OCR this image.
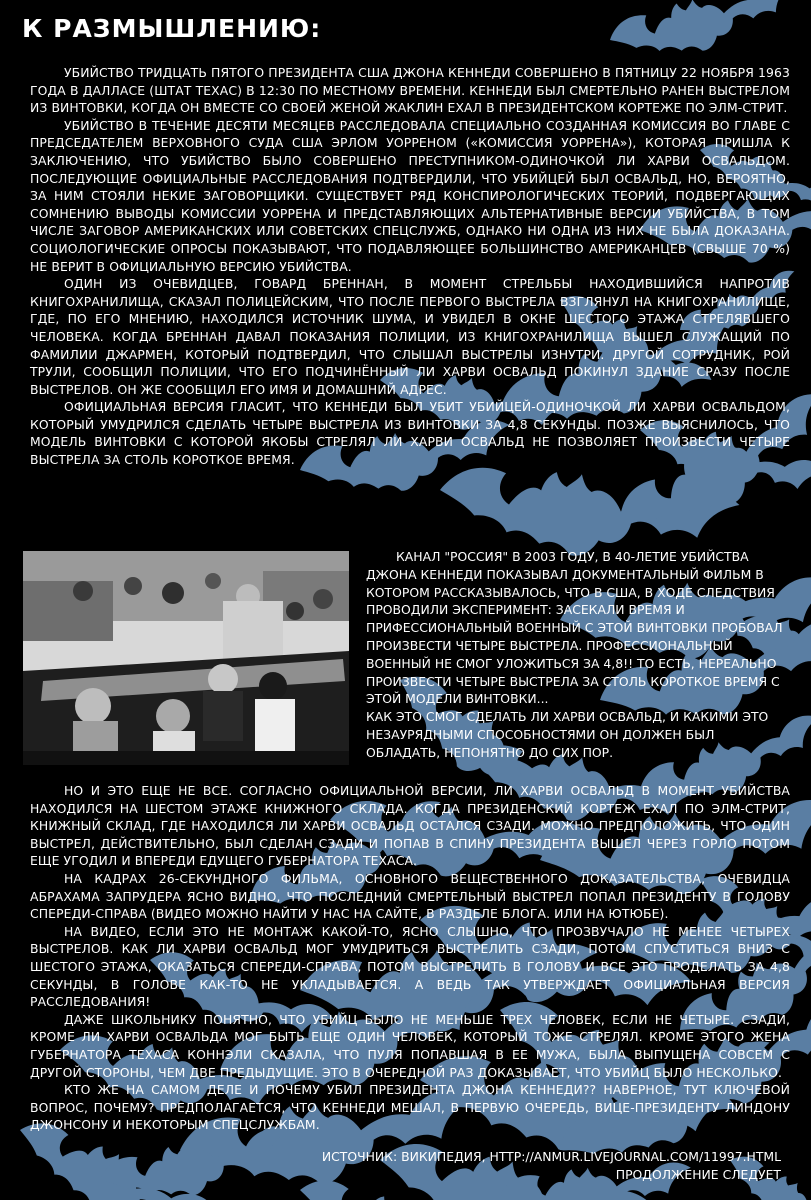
К РАЗМЫШЛЕНИЮ:

УБИЙСТВО ТРИДЦАТЬ ПЯТОГО ПРЕЗИДЕНТА США ДЖОНА КЕННЕДИ СОВЕРШЕНО В ПЯТНИЦУ 22 НОЯБРЯ 1963 ГОДА В ДАЛЛАСЕ (ШТАТ ТЕХАС) В 12:30 ПО МЕСТНОМУ ВРЕМЕНИ. КЕННЕДИ БЫЛ СМЕРТЕЛЬНО РАНЕН ВЫСТРЕЛОМ ИЗ ВИНТОВКИ, КОГДА ОН ВМЕСТЕ СО СВОЕЙ ЖЕНОЙ ЖАКЛИН ЕХАЛ В ПРЕЗИДЕНТСКОМ КОРТЕЖЕ ПО ЭЛМ-СТРИТ.

УБИЙСТВО В ТЕЧЕНИЕ ДЕСЯТИ МЕСЯЦЕВ РАССЛЕДОВАЛА СПЕЦИАЛЬНО СОЗДАННАЯ КОМИССИЯ ВО ГЛАВЕ С ПРЕДСЕДАТЕЛЕМ ВЕРХОВНОГО СУДА США ЭРЛОМ УОРРЕНОМ («КОМИССИЯ УОРРЕНА»), КОТОРАЯ ПРИШЛА К ЗАКЛЮЧЕНИЮ, ЧТО УБИЙСТВО БЫЛО СОВЕРШЕНО ПРЕСТУПНИКОМ-ОДИНОЧКОЙ ЛИ ХАРВИ ОСВАЛЬДОМ. ПОСЛЕДУЮЩИЕ ОФИЦИАЛЬНЫЕ РАССЛЕДОВАНИЯ ПОДТВЕРДИЛИ, ЧТО УБИЙЦЕЙ БЫЛ ОСВАЛЬД, НО, ВЕРОЯТНО, ЗА НИМ СТОЯЛИ НЕКИЕ ЗАГОВОРЩИКИ. СУЩЕСТВУЕТ РЯД КОНСПИРОЛОГИЧЕСКИХ ТЕОРИЙ, ПОДВЕРГАЮЩИХ СОМНЕНИЮ ВЫВОДЫ КОМИССИИ УОРРЕНА И ПРЕДСТАВЛЯЮЩИХ АЛЬТЕРНАТИВНЫЕ ВЕРСИИ УБИЙСТВА, В ТОМ ЧИСЛЕ ЗАГОВОР АМЕРИКАНСКИХ ИЛИ СОВЕТСКИХ СПЕЦСЛУЖБ, ОДНАКО НИ ОДНА ИЗ НИХ НЕ БЫЛА ДОКАЗАНА. СОЦИОЛОГИЧЕСКИЕ ОПРОСЫ ПОКАЗЫВАЮТ, ЧТО ПОДАВЛЯЮЩЕЕ БОЛЬШИНСТВО АМЕРИКАНЦЕВ (СВЫШЕ 70 %) НЕ ВЕРИТ В ОФИЦИАЛЬНУЮ ВЕРСИЮ УБИЙСТВА.

ОДИН ИЗ ОЧЕВИДЦЕВ, ГОВАРД БРЕННАН, В МОМЕНТ СТРЕЛЬБЫ НАХОДИВШИЙСЯ НАПРОТИВ КНИГОХРАНИЛИЩА, СКАЗАЛ ПОЛИЦЕЙСКИМ, ЧТО ПОСЛЕ ПЕРВОГО ВЫСТРЕЛА ВЗГЛЯНУЛ НА КНИГОХРАНИЛИЩЕ, ГДЕ, ПО ЕГО МНЕНИЮ, НАХОДИЛСЯ ИСТОЧНИК ШУМА, И УВИДЕЛ В ОКНЕ ШЕСТОГО ЭТАЖА СТРЕЛЯВШЕГО ЧЕЛОВЕКА. КОГДА БРЕННАН ДАВАЛ ПОКАЗАНИЯ ПОЛИЦИИ, ИЗ КНИГОХРАНИЛИЩА ВЫШЕЛ СЛУЖАЩИЙ ПО ФАМИЛИИ ДЖАРМЕН, КОТОРЫЙ ПОДТВЕРДИЛ, ЧТО СЛЫШАЛ ВЫСТРЕЛЫ ИЗНУТРИ. ДРУГОЙ СОТРУДНИК, РОЙ ТРУЛИ, СООБЩИЛ ПОЛИЦИИ, ЧТО ЕГО ПОДЧИНЁННЫЙ ЛИ ХАРВИ ОСВАЛЬД ПОКИНУЛ ЗДАНИЕ СРАЗУ ПОСЛЕ ВЫСТРЕЛОВ. ОН ЖЕ СООБЩИЛ ЕГО ИМЯ И ДОМАШНИЙ АДРЕС.

ОФИЦИАЛЬНАЯ ВЕРСИЯ ГЛАСИТ, ЧТО КЕННЕДИ БЫЛ УБИТ УБИЙЦЕЙ-ОДИНОЧКОЙ ЛИ ХАРВИ ОСВАЛЬДОМ, КОТОРЫЙ УМУДРИЛСЯ СДЕЛАТЬ ЧЕТЫРЕ ВЫСТРЕЛА ИЗ ВИНТОВКИ ЗА 4,8 СЕКУНДЫ. ПОЗЖЕ ВЫЯСНИЛОСЬ, ЧТО МОДЕЛЬ ВИНТОВКИ С КОТОРОЙ ЯКОБЫ СТРЕЛЯЛ ЛИ ХАРВИ ОСВАЛЬД НЕ ПОЗВОЛЯЕТ ПРОИЗВЕСТИ ЧЕТЫРЕ ВЫСТРЕЛА ЗА СТОЛЬ КОРОТКОЕ ВРЕМЯ.

КАНАЛ "РОССИЯ" В 2003 ГОДУ, В 40-ЛЕТИЕ УБИЙСТВА ДЖОНА КЕННЕДИ ПОКАЗЫВАЛ ДОКУМЕНТАЛЬНЫЙ ФИЛЬМ В КОТОРОМ РАССКАЗЫВАЛОСЬ, ЧТО В США, В ХОДЕ СЛЕДСТВИЯ ПРОВОДИЛИ ЭКСПЕРИМЕНТ: ЗАСЕКАЛИ ВРЕМЯ И ПРИФЕССИОНАЛЬНЫЙ ВОЕННЫЙ С ЭТОЙ ВИНТОВКИ ПРОБОВАЛ ПРОИЗВЕСТИ ЧЕТЫРЕ ВЫСТРЕЛА. ПРОФЕССИОНАЛЬНЫЙ ВОЕННЫЙ НЕ СМОГ УЛОЖИТЬСЯ ЗА 4,8!! ТО ЕСТЬ, НЕРЕАЛЬНО ПРОИЗВЕСТИ ЧЕТЫРЕ ВЫСТРЕЛА ЗА СТОЛЬ КОРОТКОЕ ВРЕМЯ С ЭТОЙ МОДЕЛИ ВИНТОВКИ...

КАК ЭТО СМОГ СДЕЛАТЬ ЛИ ХАРВИ ОСВАЛЬД, И КАКИМИ ЭТО НЕЗАУРЯДНЫМИ СПОСОБНОСТЯМИ ОН ДОЛЖЕН БЫЛ ОБЛАДАТЬ, НЕПОНЯТНО ДО СИХ ПОР.

НО И ЭТО ЕЩЕ НЕ ВСЕ. СОГЛАСНО ОФИЦИАЛЬНОЙ ВЕРСИИ, ЛИ ХАРВИ ОСВАЛЬД В МОМЕНТ УБИЙСТВА НАХОДИЛСЯ НА ШЕСТОМ ЭТАЖЕ КНИЖНОГО СКЛАДА. КОГДА ПРЕЗИДЕНСКИЙ КОРТЕЖ ЕХАЛ ПО ЭЛМ-СТРИТ, КНИЖНЫЙ СКЛАД, ГДЕ НАХОДИЛСЯ ЛИ ХАРВИ ОСВАЛЬД ОСТАЛСЯ СЗАДИ. МОЖНО ПРЕДПОЛОЖИТЬ, ЧТО ОДИН ВЫСТРЕЛ, ДЕЙСТВИТЕЛЬНО, БЫЛ СДЕЛАН СЗАДИ И ПОПАВ В СПИНУ ПРЕЗИДЕНТА ВЫШЕЛ ЧЕРЕЗ ГОРЛО ПОТОМ ЕЩЕ УГОДИЛ И ВПЕРЕДИ ЕДУЩЕГО ГУБЕРНАТОРА ТЕХАСА.

НА КАДРАХ 26-СЕКУНДНОГО ФИЛЬМА, ОСНОВНОГО ВЕЩЕСТВЕННОГО ДОКАЗАТЕЛЬСТВА, ОЧЕВИДЦА АБРАХАМА ЗАПРУДЕРА ЯСНО ВИДНО, ЧТО ПОСЛЕДНИЙ СМЕРТЕЛЬНЫЙ ВЫСТРЕЛ ПОПАЛ ПРЕЗИДЕНТУ В ГОЛОВУ СПЕРЕДИ-СПРАВА (ВИДЕО МОЖНО НАЙТИ У НАС НА САЙТЕ, В РАЗДЕЛЕ БЛОГА. ИЛИ НА ЮТЮБЕ).

НА ВИДЕО, ЕСЛИ ЭТО НЕ МОНТАЖ КАКОЙ-ТО, ЯСНО СЛЫШНО, ЧТО ПРОЗВУЧАЛО НЕ МЕНЕЕ ЧЕТЫРЕХ ВЫСТРЕЛОВ. КАК ЛИ ХАРВИ ОСВАЛЬД МОГ УМУДРИТЬСЯ ВЫСТРЕЛИТЬ СЗАДИ, ПОТОМ СПУСТИТЬСЯ ВНИЗ С ШЕСТОГО ЭТАЖА, ОКАЗАТЬСЯ СПЕРЕДИ-СПРАВА, ПОТОМ ВЫСТРЕЛИТЬ В ГОЛОВУ И ВСЕ ЭТО ПРОДЕЛАТЬ ЗА 4,8 СЕКУНДЫ, В ГОЛОВЕ КАК-ТО НЕ УКЛАДЫВАЕТСЯ. А ВЕДЬ ТАК УТВЕРЖДАЕТ ОФИЦИАЛЬНАЯ ВЕРСИЯ РАССЛЕДОВАНИЯ!

ДАЖЕ ШКОЛЬНИКУ ПОНЯТНО, ЧТО УБИЙЦ БЫЛО НЕ МЕНЬШЕ ТРЕХ ЧЕЛОВЕК, ЕСЛИ НЕ ЧЕТЫРЕ. СЗАДИ, КРОМЕ ЛИ ХАРВИ ОСВАЛЬДА МОГ БЫТЬ ЕЩЕ ОДИН ЧЕЛОВЕК, КОТОРЫЙ ТОЖЕ СТРЕЛЯЛ. КРОМЕ ЭТОГО ЖЕНА ГУБЕРНАТОРА ТЕХАСА КОННЭЛИ СКАЗАЛА, ЧТО ПУЛЯ ПОПАВШАЯ В ЕЕ МУЖА, БЫЛА ВЫПУЩЕНА СОВСЕМ С ДРУГОЙ СТОРОНЫ, ЧЕМ ДВЕ ПРЕДЫДУЩИЕ. ЭТО В ОЧЕРЕДНОЙ РАЗ ДОКАЗЫВАЕТ, ЧТО УБИЙЦ БЫЛО НЕСКОЛЬКО.

КТО ЖЕ НА САМОМ ДЕЛЕ И ПОЧЕМУ УБИЛ ПРЕЗИДЕНТА ДЖОНА КЕННЕДИ?? НАВЕРНОЕ, ТУТ КЛЮЧЕВОЙ ВОПРОС, ПОЧЕМУ? ПРЕДПОЛАГАЕТСЯ, ЧТО КЕННЕДИ МЕШАЛ, В ПЕРВУЮ ОЧЕРЕДЬ, ВИЦЕ-ПРЕЗИДЕНТУ ЛИНДОНУ ДЖОНСОНУ И НЕКОТОРЫМ СПЕЦСЛУЖБАМ.

ИСТОЧНИК: ВИКИПЕДИЯ, HTTP://ANMUR.LIVEJOURNAL.COM/11997.HTML
ПРОДОЛЖЕНИЕ СЛЕДУЕТ
